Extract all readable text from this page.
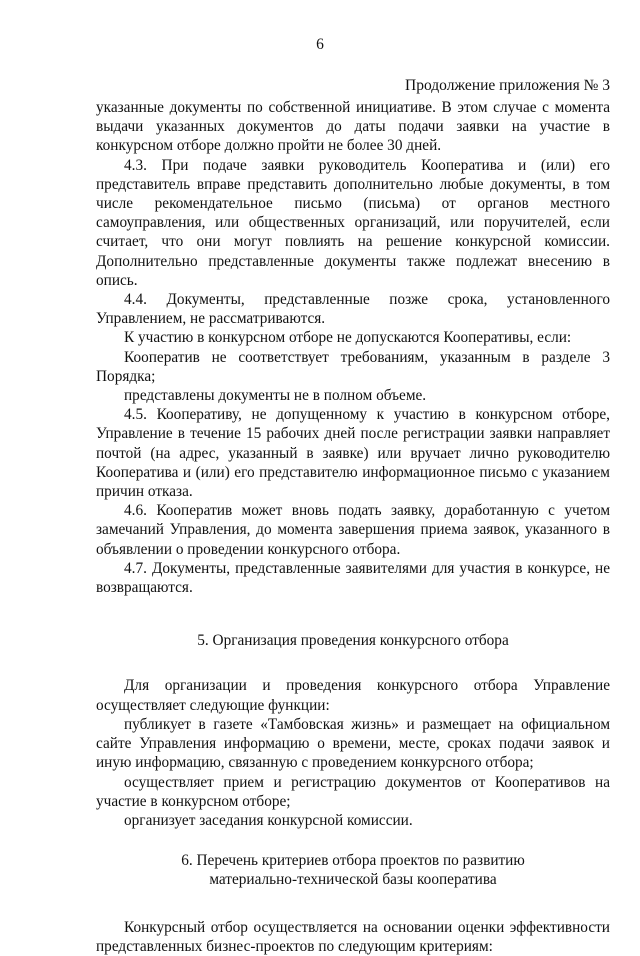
6
Продолжение приложения № 3

указанные документы по собственной инициативе. В этом случае с момента выдачи указанных документов до даты подачи заявки на участие в конкурсном отборе должно пройти не более 30 дней.

4.3. При подаче заявки руководитель Кооператива и (или) его представитель вправе представить дополнительно любые документы, в том числе рекомендательное письмо (письма) от органов местного самоуправления, или общественных организаций, или поручителей, если считает, что они могут повлиять на решение конкурсной комиссии. Дополнительно представленные документы также подлежат внесению в опись.

4.4. Документы, представленные позже срока, установленного Управлением, не рассматриваются.

К участию в конкурсном отборе не допускаются Кооперативы, если:

Кооператив не соответствует требованиям, указанным в разделе 3 Порядка;

представлены документы не в полном объеме.

4.5. Кооперативу, не допущенному к участию в конкурсном отборе, Управление в течение 15 рабочих дней после регистрации заявки направляет почтой (на адрес, указанный в заявке) или вручает лично руководителю Кооператива и (или) его представителю информационное письмо с указанием причин отказа.

4.6. Кооператив может вновь подать заявку, доработанную с учетом замечаний Управления, до момента завершения приема заявок, указанного в объявлении о проведении конкурсного отбора.

4.7. Документы, представленные заявителями для участия в конкурсе, не возвращаются.

5. Организация проведения конкурсного отбора

Для организации и проведения конкурсного отбора Управление осуществляет следующие функции:

публикует в газете «Тамбовская жизнь» и размещает на официальном сайте Управления информацию о времени, месте, сроках подачи заявок и иную информацию, связанную с проведением конкурсного отбора;

осуществляет прием и регистрацию документов от Кооперативов на участие в конкурсном отборе;

организует заседания конкурсной комиссии.

6. Перечень критериев отбора проектов по развитию
материально-технической базы кооператива

Конкурсный отбор осуществляется на основании оценки эффективности представленных бизнес-проектов по следующим критериям:
